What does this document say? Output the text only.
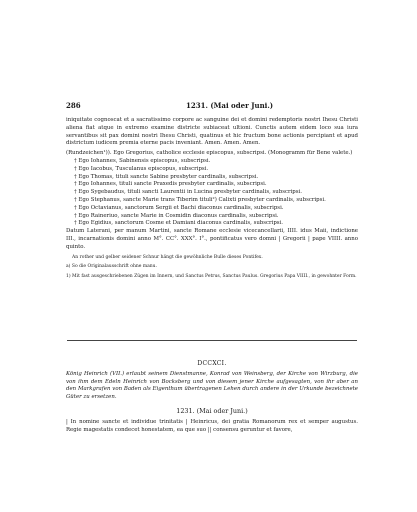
286	1231. (Mai oder Juni.)

iniquitate cognoscat et a sacratissimo corpore ac sanguine dei et domini redemptoris nostri Ihesu Christi aliena fiat atque in extremo examine districte subiaceat ultioni. Cunctis autem eidem loco sua iura servantibus sit pax domini nostri Ihesu Christi, quatinus et hic fructum bone actionis percipiant et apud districtum iudicem premia eterne pacis inveniant. Amen. Amen. Amen.

(Rundzeichen¹)). Ego Gregorius, catholice ecclesie episcopus, subscripsi. (Monogramm für Bene valete.)

† Ego Iohannes, Sabinensis episcopus, subscripsi.
† Ego Iacobus, Tusculanus episcopus, subscripsi.
† Ego Thomas, tituli sancte Sabine presbyter cardinalis, subscripsi.
† Ego Iohannes, tituli sancte Praxedis presbyter cardinalis, subscripsi.
† Ego Sygebaudus, tituli sancti Laurentii in Lucina presbyter cardinalis, subscripsi.
† Ego Stephanus, sancte Marie trans Tiberim tituli²) Calixti presbyter cardinalis, subscripsi.
† Ego Octavianus, sanctorum Sergii et Bachi diaconus cardinalis, subscripsi.
† Ego Raineriuo, sancte Marie in Cosmidin diaconus cardinalis, subscripsi.
† Ego Egidius, sanctorum Cosme et Damiani diaconus cardinalis, subscripsi.

Datum Laterani, per manum Martini, sancte Romane ecclesie vicecancellarii, IIII. idus Maii, indictione III., incarnationis domini anno M°. CC°. XXX°. I°., pontificatus vero domni | Gregorii | pape VIIII. anno quinto.

An rother und gelber seidener Schnur hängt die gewöhnliche Bulle dieses Pontifex.
a) So die Originalausschrift ohne manu.
1) Mit fast ausgeschriebenen Zügen im Innern, und Sanctus Petrus, Sanctus Paulus. Gregorius Papa VIIII., in gewohnter Form.
DCCXCI.
König Heinrich (VII.) erlaubt seinem Dienstmanne, Konrad von Weinsberg, der Kirche von Wirzburg, die von ihm dem Edeln Heinrich von Bocksberg und von diesem jener Kirche aufgesagten, von ihr aber an den Markgrafen von Baden als Eigenthum übertragenen Lehen durch andere in der Urkunde bezeichnete Güter zu ersetzen.
1231. (Mai oder Juni.)
| In nomine sancte et individue trinitatis | Heinricus, dei gratia Romanorum rex et semper augustus. Regie magestatis condecet honestatem, ea que suo || consensu geruntur et favore,
